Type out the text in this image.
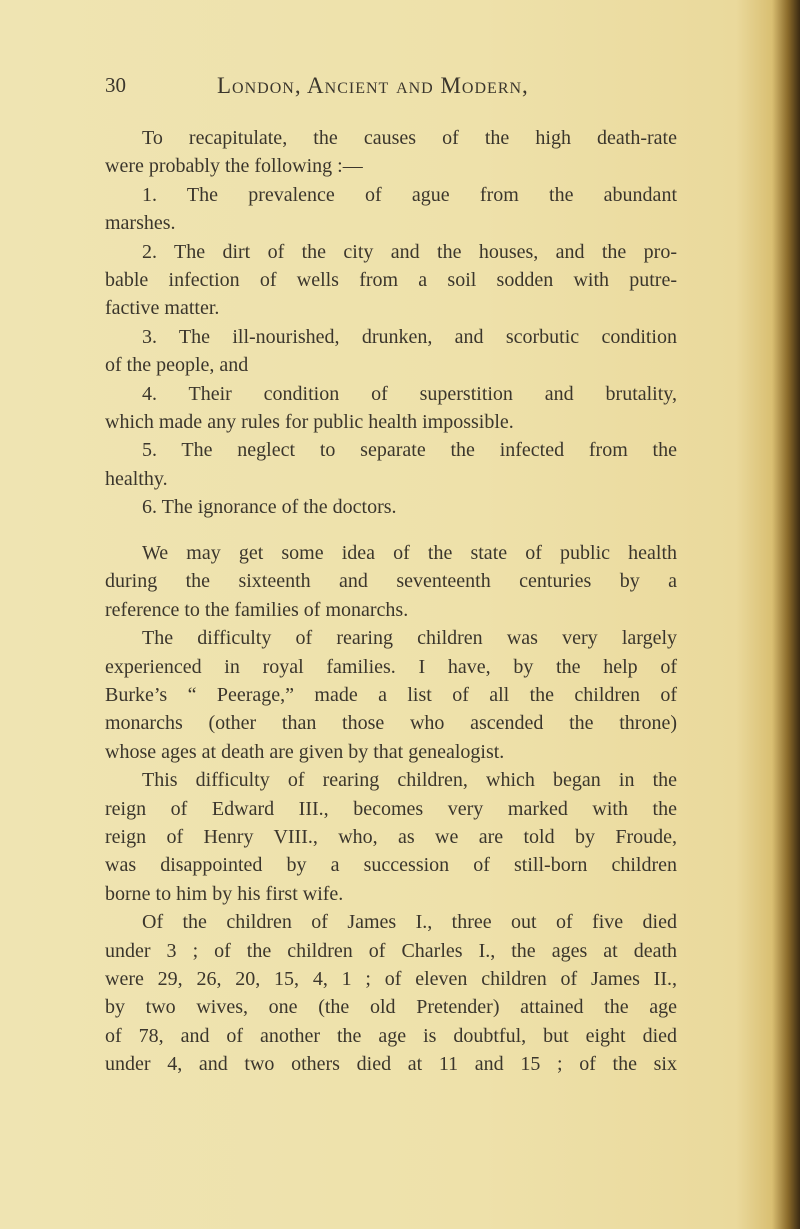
30	London, Ancient and Modern,
To recapitulate, the causes of the high death-rate
were probably the following :—
1. The prevalence of ague from the abundant
marshes.
2. The dirt of the city and the houses, and the pro-
bable infection of wells from a soil sodden with putre-
factive matter.
3. The ill-nourished, drunken, and scorbutic condition
of the people, and
4. Their condition of superstition and brutality,
which made any rules for public health impossible.
5. The neglect to separate the infected from the
healthy.
6. The ignorance of the doctors.
We may get some idea of the state of public health
during the sixteenth and seventeenth centuries by a
reference to the families of monarchs.
The difficulty of rearing children was very largely
experienced in royal families. I have, by the help of
Burke’s “ Peerage,” made a list of all the children of
monarchs (other than those who ascended the throne)
whose ages at death are given by that genealogist.
This difficulty of rearing children, which began in the
reign of Edward III., becomes very marked with the
reign of Henry VIII., who, as we are told by Froude,
was disappointed by a succession of still-born children
borne to him by his first wife.
Of the children of James I., three out of five died
under 3 ; of the children of Charles I., the ages at death
were 29, 26, 20, 15, 4, 1 ; of eleven children of James II.,
by two wives, one (the old Pretender) attained the age
of 78, and of another the age is doubtful, but eight died
under 4, and two others died at 11 and 15 ; of the six
